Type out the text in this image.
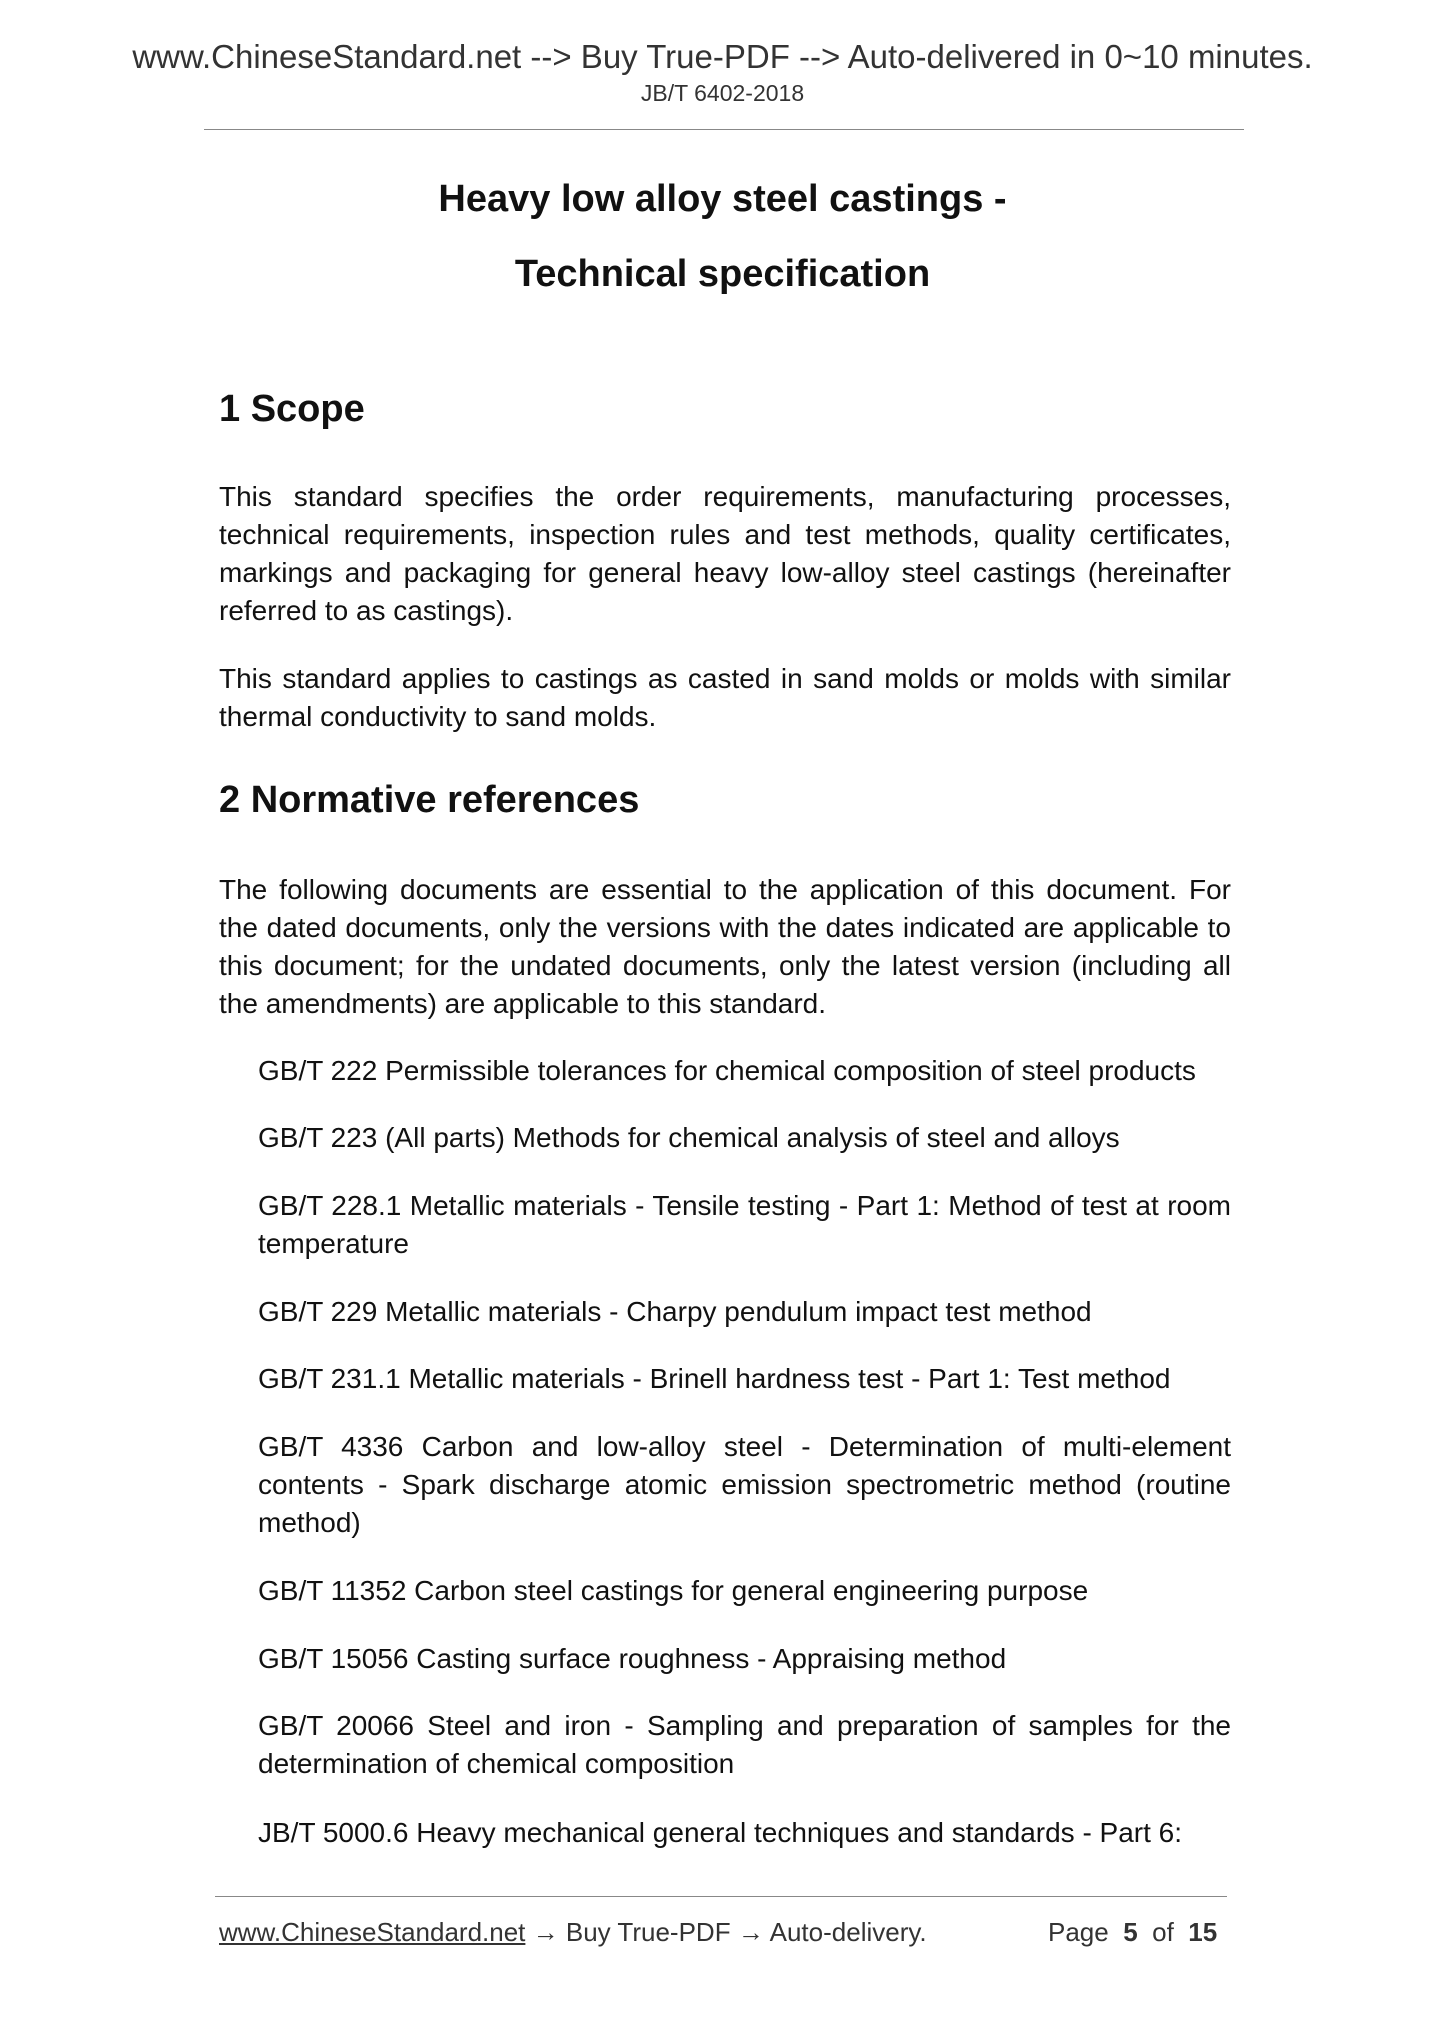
www.ChineseStandard.net --> Buy True-PDF --> Auto-delivered in 0~10 minutes.
JB/T 6402-2018
Heavy low alloy steel castings -
Technical specification
1 Scope
This standard specifies the order requirements, manufacturing processes, technical requirements, inspection rules and test methods, quality certificates, markings and packaging for general heavy low-alloy steel castings (hereinafter referred to as castings).
This standard applies to castings as casted in sand molds or molds with similar thermal conductivity to sand molds.
2 Normative references
The following documents are essential to the application of this document. For the dated documents, only the versions with the dates indicated are applicable to this document; for the undated documents, only the latest version (including all the amendments) are applicable to this standard.
GB/T 222 Permissible tolerances for chemical composition of steel products
GB/T 223 (All parts) Methods for chemical analysis of steel and alloys
GB/T 228.1 Metallic materials - Tensile testing - Part 1: Method of test at room temperature
GB/T 229 Metallic materials - Charpy pendulum impact test method
GB/T 231.1 Metallic materials - Brinell hardness test - Part 1: Test method
GB/T 4336 Carbon and low-alloy steel - Determination of multi-element contents - Spark discharge atomic emission spectrometric method (routine method)
GB/T 11352 Carbon steel castings for general engineering purpose
GB/T 15056 Casting surface roughness - Appraising method
GB/T 20066 Steel and iron - Sampling and preparation of samples for the determination of chemical composition
JB/T 5000.6 Heavy mechanical general techniques and standards - Part 6:
www.ChineseStandard.net → Buy True-PDF → Auto-delivery.	Page 5 of 15
